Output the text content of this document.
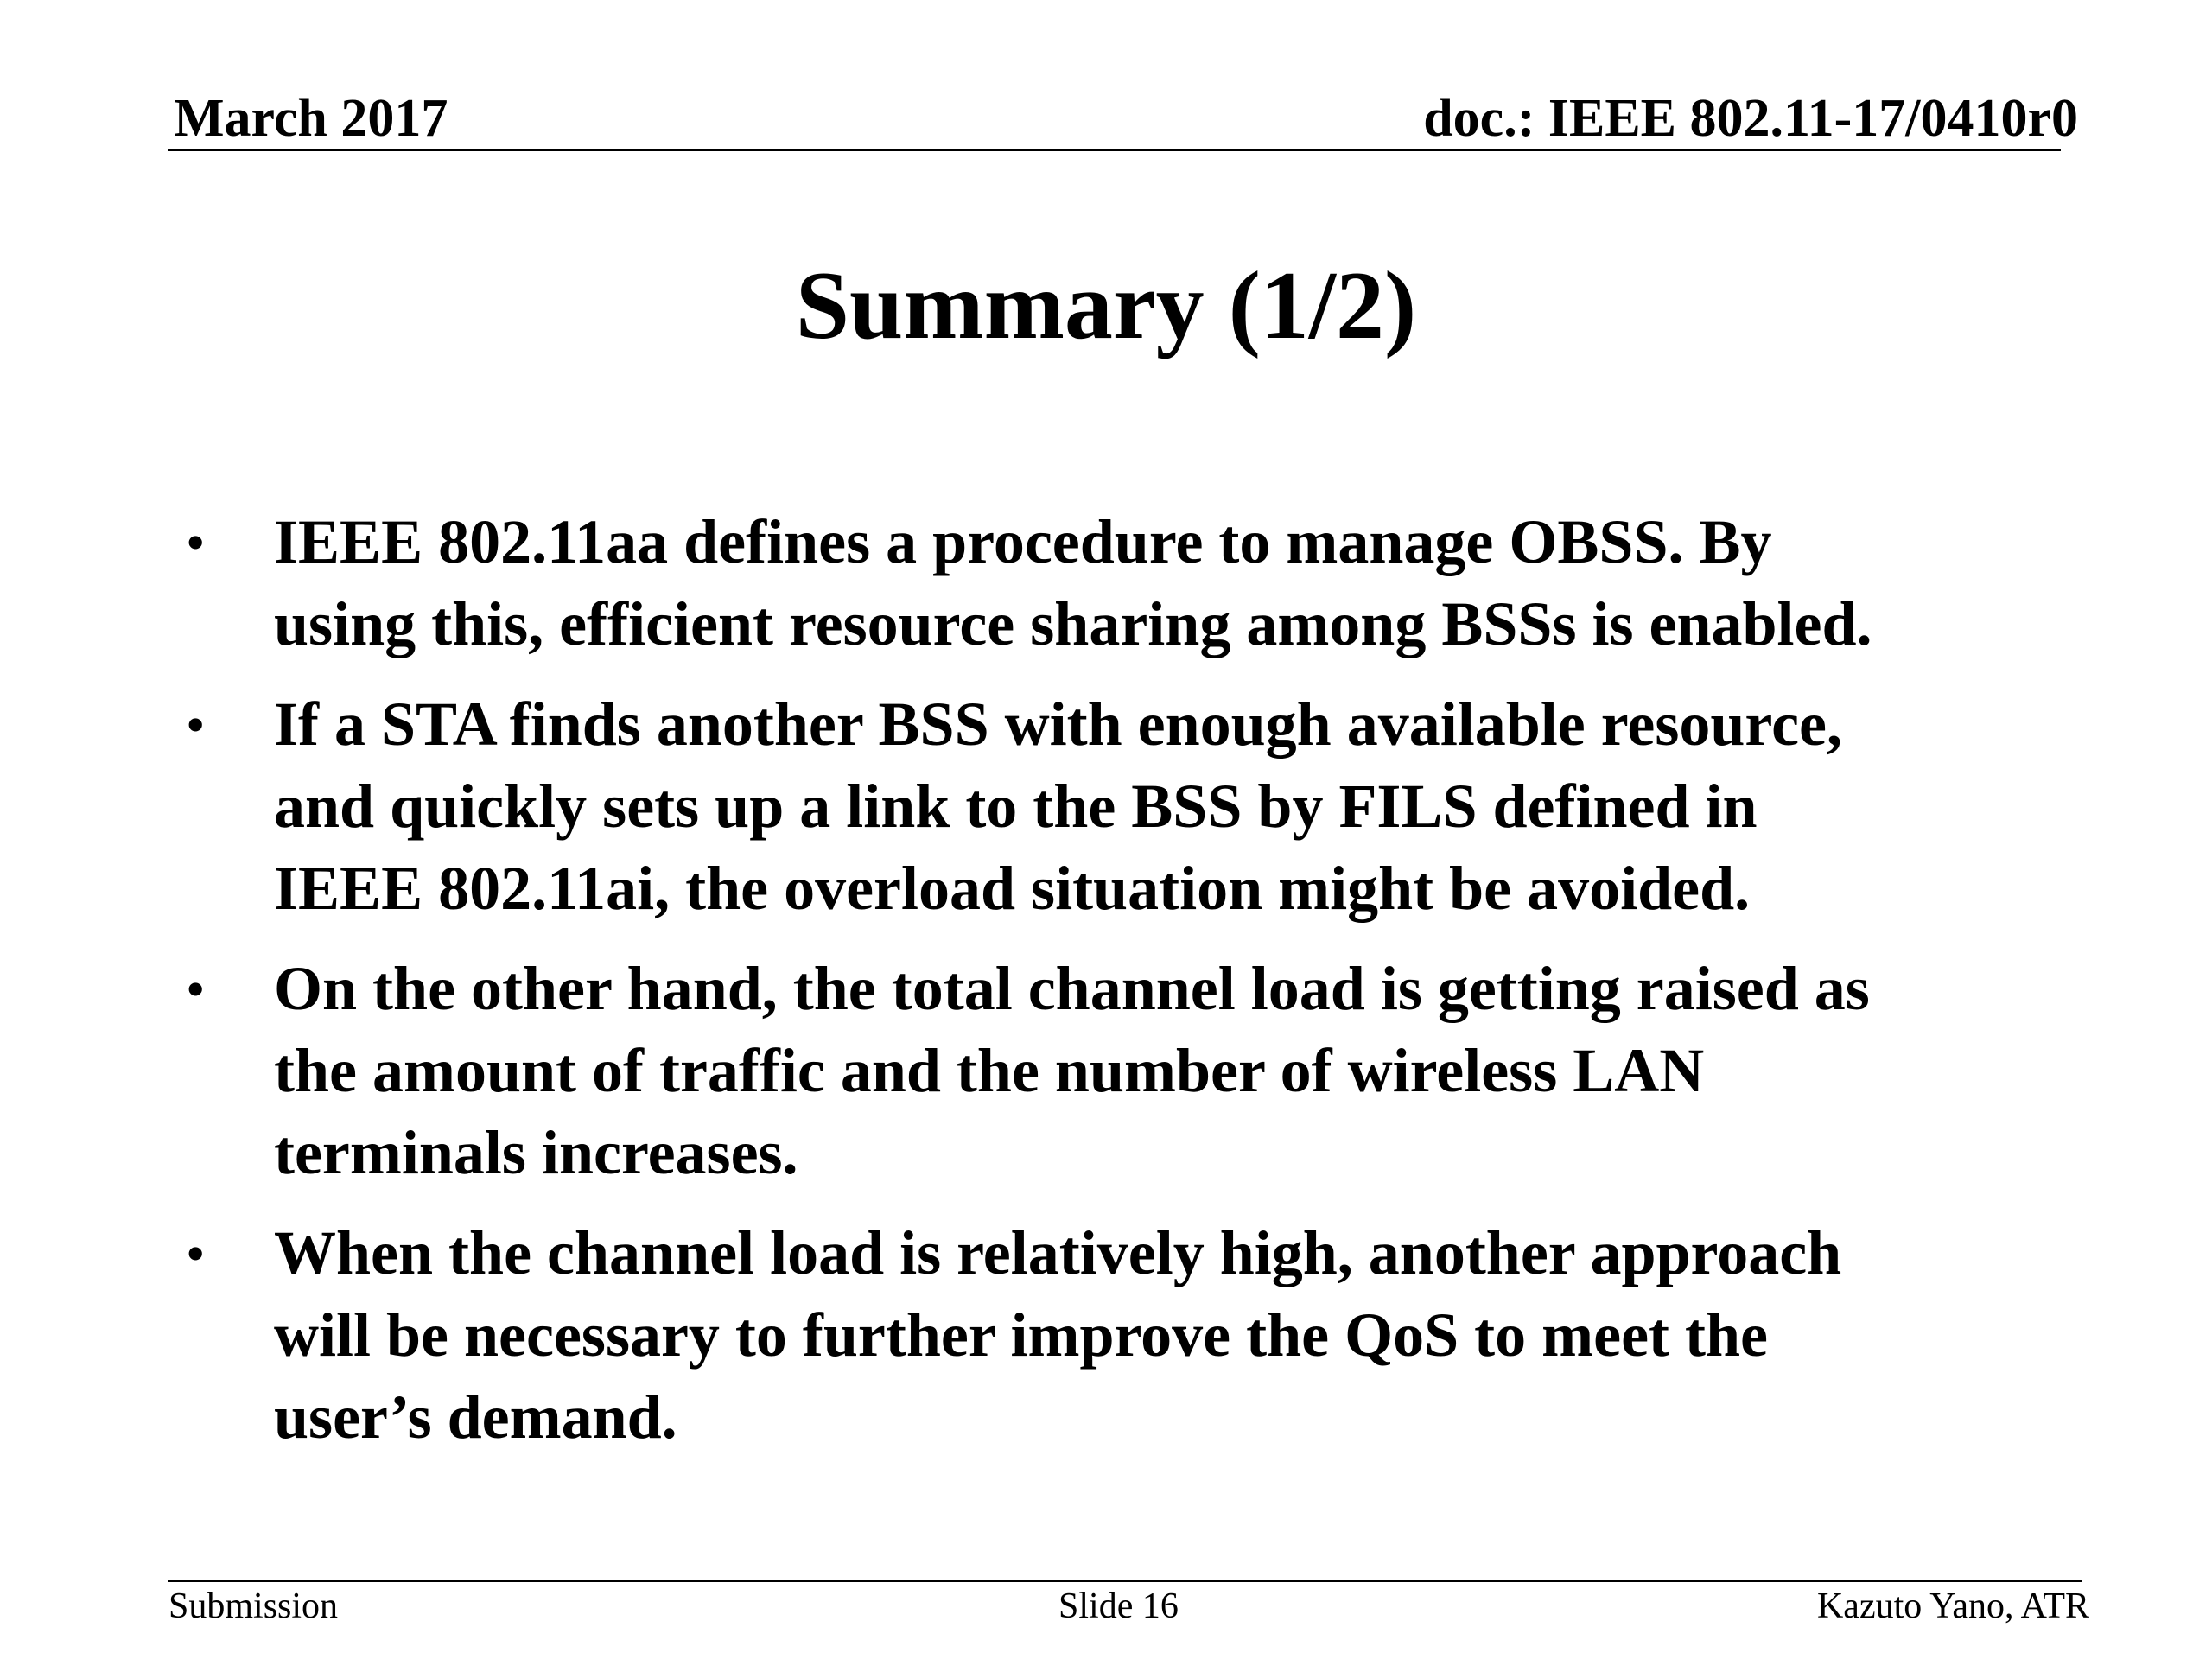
March 2017	doc.: IEEE 802.11-17/0410r0
Summary (1/2)
• IEEE 802.11aa defines a procedure to manage OBSS. By
using this, efficient resource sharing among BSSs is enabled.
• If a STA finds another BSS with enough available resource,
and quickly sets up a link to the BSS by FILS defined in
IEEE 802.11ai, the overload situation might be avoided.
• On the other hand, the total channel load is getting raised as
the amount of traffic and the number of wireless LAN
terminals increases.
• When the channel load is relatively high, another approach
will be necessary to further improve the QoS to meet the
user’s demand.
Submission	Slide 16	Kazuto Yano, ATR
